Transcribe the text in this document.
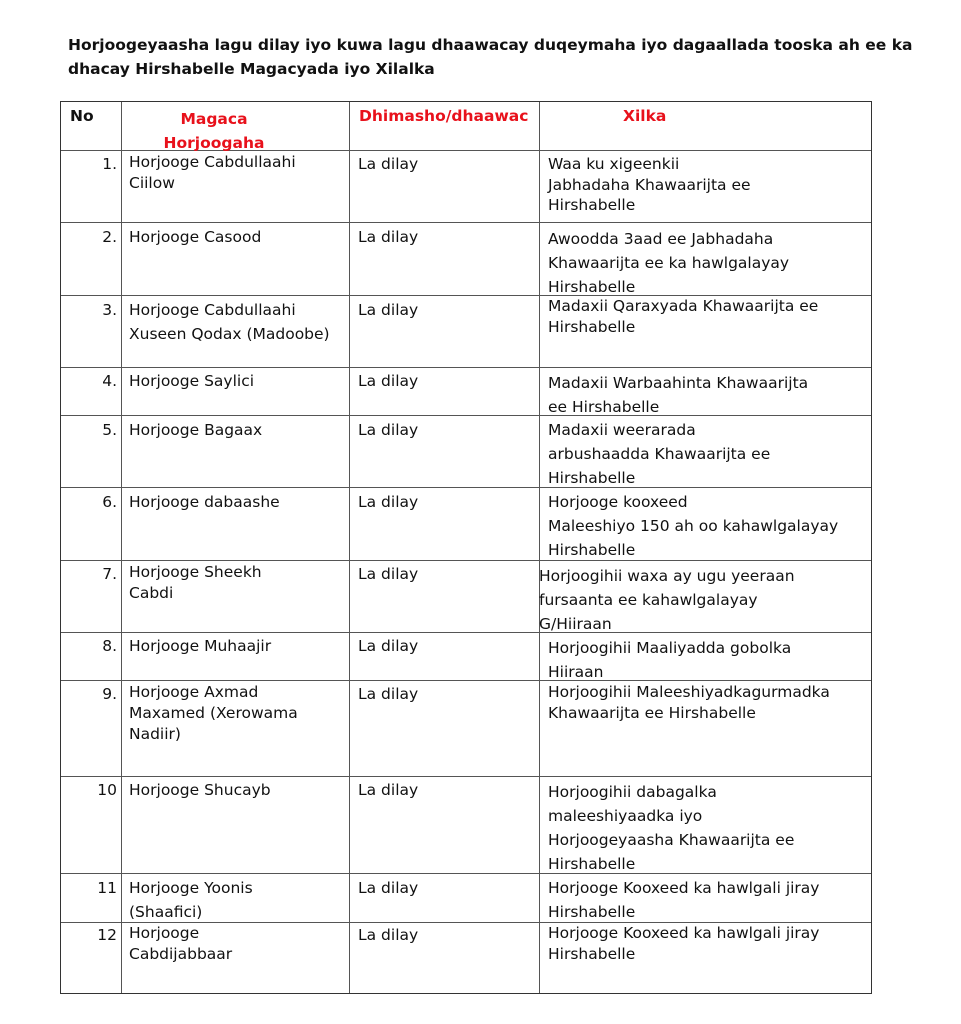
Horjoogeyaasha lagu dilay iyo kuwa lagu dhaawacay duqeymaha iyo dagaallada tooska ah ee ka
dhacay Hirshabelle Magacyada iyo Xilalka
No	Magaca
Horjoogaha
Dhimasho/dhaawac	Xilka
1. Horjooge Cabdullaahi
Ciilow
La dilay	Waa ku xigeenkii
Jabhadaha Khawaarijta ee
Hirshabelle
2. Horjooge Casood	La dilay	Awoodda 3aad ee Jabhadaha
Khawaarijta ee ka hawlgalayay
Hirshabelle
3. Horjooge Cabdullaahi
Xuseen Qodax (Madoobe)
La dilay	Madaxii Qaraxyada Khawaarijta ee
Hirshabelle
4. Horjooge Saylici	La dilay	Madaxii Warbaahinta Khawaarijta
ee Hirshabelle
5. Horjooge Bagaax	La dilay	Madaxii weerarada
arbushaadda Khawaarijta ee
Hirshabelle
6. Horjooge dabaashe	La dilay	Horjooge kooxeed
Maleeshiyo 150 ah oo kahawlgalayay
Hirshabelle
7. Horjooge Sheekh
Cabdi
La dilay	Horjoogihii waxa ay ugu yeeraan
fursaanta ee kahawlgalayay
G/Hiiraan
8. Horjooge Muhaajir	La dilay	Horjoogihii Maaliyadda gobolka
Hiiraan
9. Horjooge Axmad
Maxamed (Xerowama
Nadiir)
La dilay	Horjoogihii Maleeshiyadkagurmadka
Khawaarijta ee Hirshabelle
10 Horjooge Shucayb	La dilay	Horjoogihii dabagalka
maleeshiyaadka iyo
Horjoogeyaasha Khawaarijta ee
Hirshabelle
11 Horjooge Yoonis
(Shaafici)
La dilay	Horjooge Kooxeed ka hawlgali jiray
Hirshabelle
12 Horjooge
Cabdijabbaar
La dilay	Horjooge Kooxeed ka hawlgali jiray
Hirshabelle
